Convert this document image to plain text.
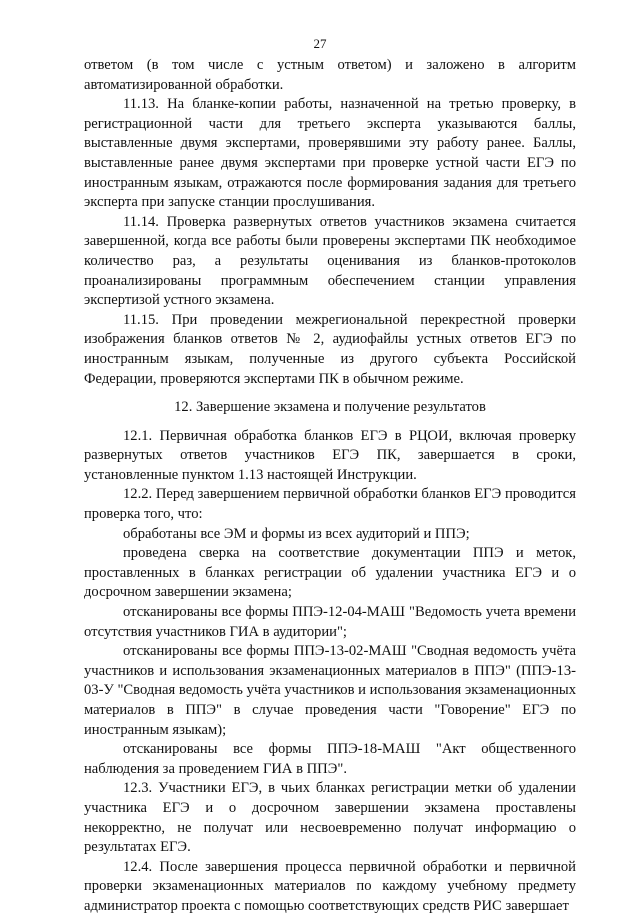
27

ответом (в том числе с устным ответом) и заложено в алгоритм автоматизированной обработки.

11.13. На бланке-копии работы, назначенной на третью проверку, в регистрационной части для третьего эксперта указываются баллы, выставленные двумя экспертами, проверявшими эту работу ранее. Баллы, выставленные ранее двумя экспертами при проверке устной части ЕГЭ по иностранным языкам, отражаются после формирования задания для третьего эксперта при запуске станции прослушивания.

11.14. Проверка развернутых ответов участников экзамена считается завершенной, когда все работы были проверены экспертами ПК необходимое количество раз, а результаты оценивания из бланков-протоколов проанализированы программным обеспечением станции управления экспертизой устного экзамена.

11.15. При проведении межрегиональной перекрестной проверки изображения бланков ответов № 2, аудиофайлы устных ответов ЕГЭ по иностранным языкам, полученные из другого субъекта Российской Федерации, проверяются экспертами ПК в обычном режиме.

12. Завершение экзамена и получение результатов

12.1. Первичная обработка бланков ЕГЭ в РЦОИ, включая проверку развернутых ответов участников ЕГЭ ПК, завершается в сроки, установленные пунктом 1.13 настоящей Инструкции.

12.2. Перед завершением первичной обработки бланков ЕГЭ проводится проверка того, что:

обработаны все ЭМ и формы из всех аудиторий и ППЭ;

проведена сверка на соответствие документации ППЭ и меток, проставленных в бланках регистрации об удалении участника ЕГЭ и о досрочном завершении экзамена;

отсканированы все формы ППЭ-12-04-МАШ "Ведомость учета времени отсутствия участников ГИА в аудитории";

отсканированы все формы ППЭ-13-02-МАШ "Сводная ведомость учёта участников и использования экзаменационных материалов в ППЭ" (ППЭ-13-03-У "Сводная ведомость учёта участников и использования экзаменационных материалов в ППЭ" в случае проведения части "Говорение" ЕГЭ по иностранным языкам);

отсканированы все формы ППЭ-18-МАШ "Акт общественного наблюдения за проведением ГИА в ППЭ".

12.3. Участники ЕГЭ, в чьих бланках регистрации метки об удалении участника ЕГЭ и о досрочном завершении экзамена проставлены некорректно, не получат или несвоевременно получат информацию о результатах ЕГЭ.

12.4. После завершения процесса первичной обработки и первичной проверки экзаменационных материалов по каждому учебному предмету администратор проекта с помощью соответствующих средств РИС завершает
